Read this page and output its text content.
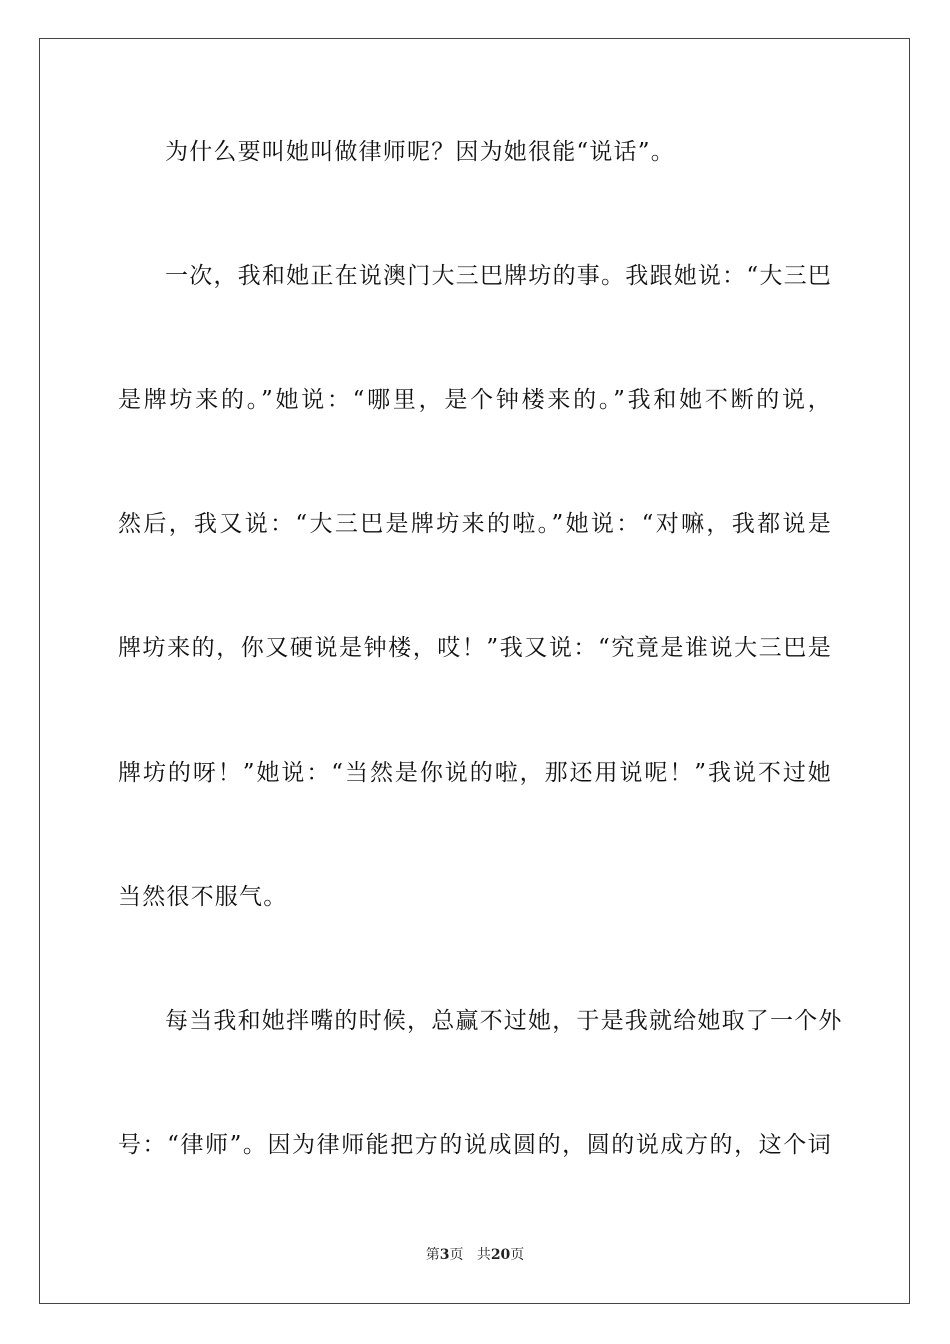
为什么要叫她叫做律师呢？因为她很能“说话”。
一次，我和她正在说澳门大三巴牌坊的事。我跟她说：“大三巴
是牌坊来的。”她说：“哪里，是个钟楼来的。”我和她不断的说，
然后，我又说：“大三巴是牌坊来的啦。”她说：“对嘛，我都说是
牌坊来的，你又硬说是钟楼，哎！”我又说：“究竟是谁说大三巴是
牌坊的呀！”她说：“当然是你说的啦，那还用说呢！”我说不过她
当然很不服气。
每当我和她拌嘴的时候，总赢不过她，于是我就给她取了一个外
号：“律师”。因为律师能把方的说成圆的，圆的说成方的，这个词
第3页 共20页
